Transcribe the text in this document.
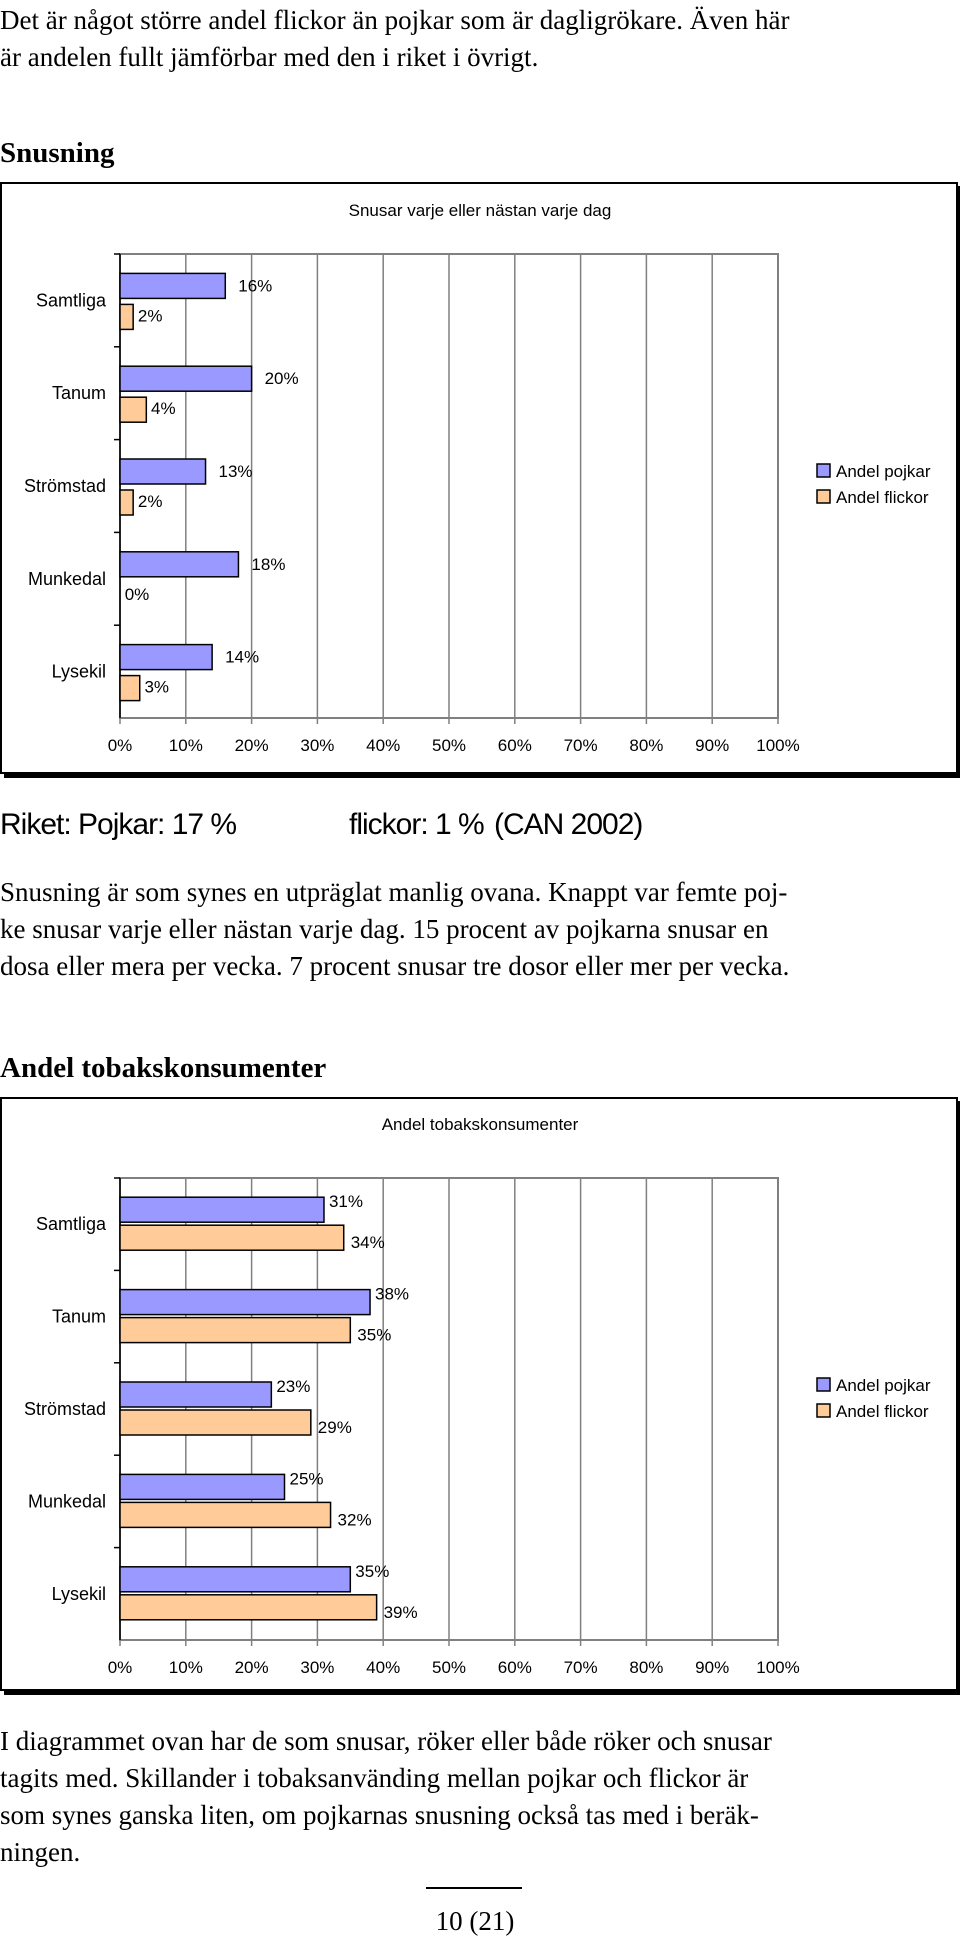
Det är något större andel flickor än pojkar som är dagligrökare. Även här
är andelen fullt jämförbar med den i riket i övrigt.
Snusning
Snusar varje eller nästan varje dag
0% 10% 20% 30% 40% 50% 60% 70% 80% 90% 100%
Samtliga
16%
2%
Tanum
20%
4%
Strömstad
13%
2%
Munkedal
18%
0%
Lysekil
14%
3%
Andel pojkar
Andel flickor
Riket: Pojkar: 17 %	flickor: 1 % (CAN 2002)
Snusning är som synes en utpräglat manlig ovana. Knappt var femte poj-
ke snusar varje eller nästan varje dag. 15 procent av pojkarna snusar en
dosa eller mera per vecka. 7 procent snusar tre dosor eller mer per vecka.
Andel tobakskonsumenter
Andel tobakskonsumenter
0% 10% 20% 30% 40% 50% 60% 70% 80% 90% 100%
Samtliga
31%
34%
Tanum
38%
35%
Strömstad
23%
29%
Munkedal
25%
32%
Lysekil
35%
39%
Andel pojkar
Andel flickor
I diagrammet ovan har de som snusar, röker eller både röker och snusar
tagits med. Skillander i tobaksanvänding mellan pojkar och flickor är
som synes ganska liten, om pojkarnas snusning också tas med i beräk-
ningen.
10 (21)
